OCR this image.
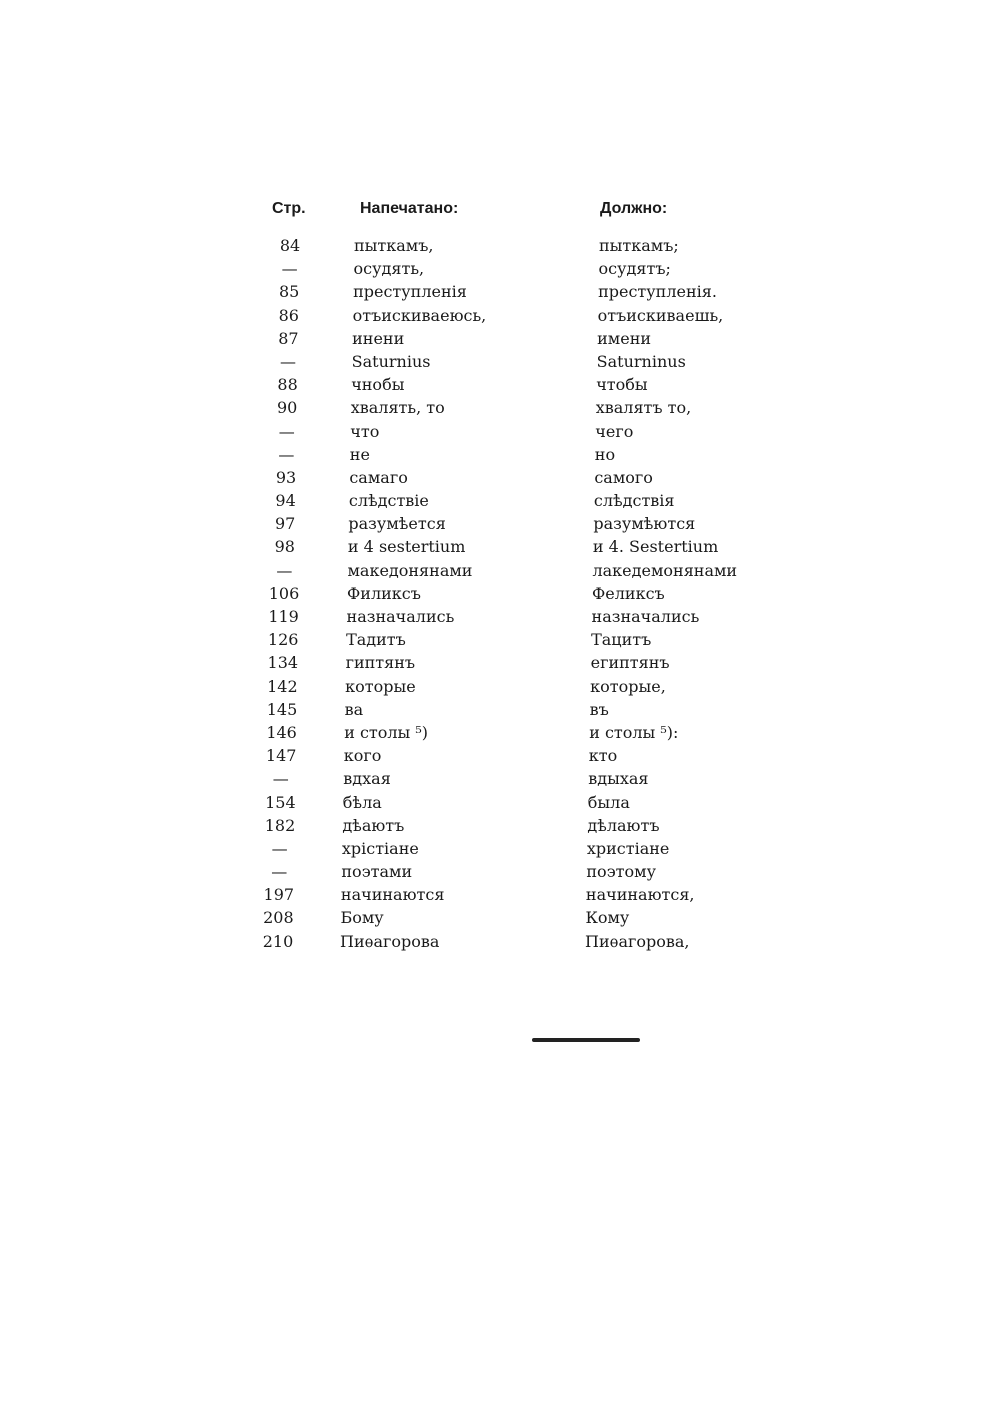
Стр.	Напечатано:	Должно:
84	пыткамъ,	пыткамъ;
—	осудять,	осудятъ;
85	преступленія	преступленія.
86	отъискиваеюсь,	отъискиваешь,
87	инени	имени
—	Saturnius	Saturninus
88	чнобы	чтобы
90	хвалять, то	хвалятъ то,
—	что	чего
—	не	но
93	самаго	самого
94	слѣдствіе	слѣдствія
97	разумѣется	разумѣются
98	и 4 sestertium	и 4. Sestertium
—	македонянами	лакедемонянами
106	Филиксъ	Феликсъ
119	назначались	назначались
126	Тадитъ	Тацитъ
134	гиптянъ	египтянъ
142	которые	которые,
145	ва	въ
146	и столы ⁵)	и столы ⁵):
147	кого	кто
—	вдхая	вдыхая
154	бѣла	была
182	дѣаютъ	дѣлаютъ
—	хрістіане	христіане
—	поэтами	поэтому
197	начинаются	начинаются,
208	Бому	Кому
210	Пиѳагорова	Пиѳагорова,
